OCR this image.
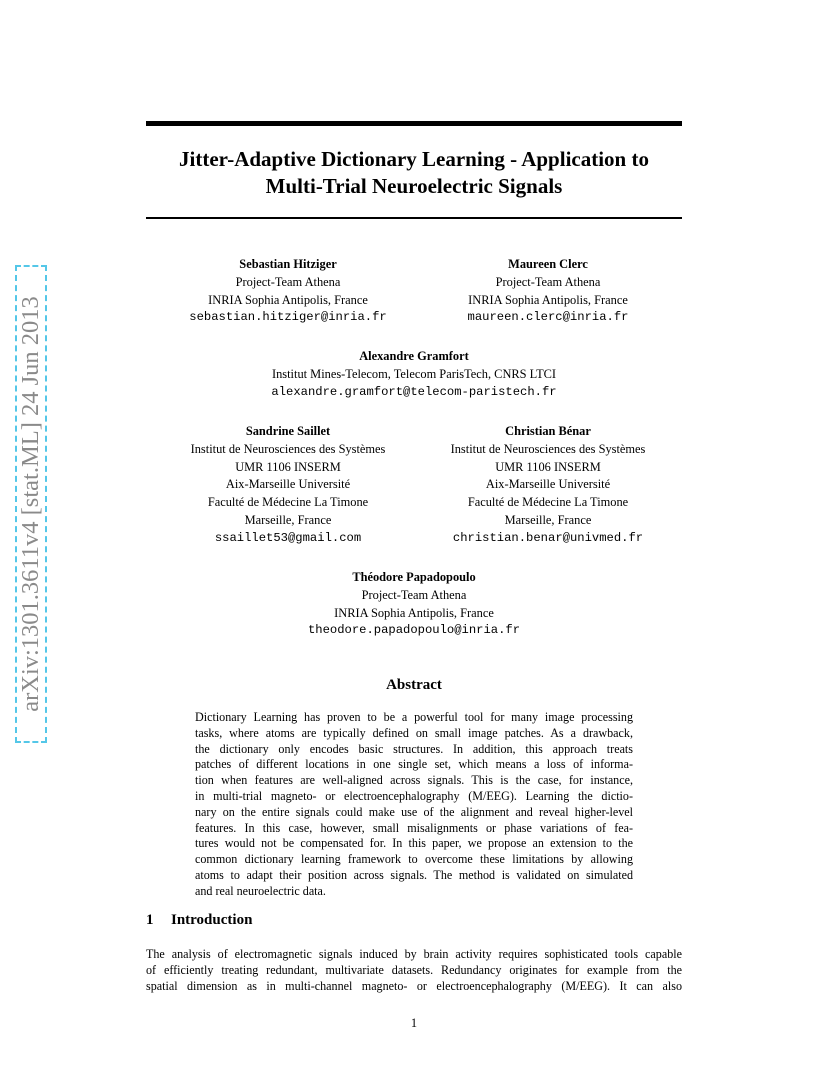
arXiv:1301.3611v4 [stat.ML] 24 Jun 2013
Jitter-Adaptive Dictionary Learning - Application to
Multi-Trial Neuroelectric Signals
Sebastian Hitziger
Project-Team Athena
INRIA Sophia Antipolis, France
sebastian.hitziger@inria.fr
Maureen Clerc
Project-Team Athena
INRIA Sophia Antipolis, France
maureen.clerc@inria.fr
Alexandre Gramfort
Institut Mines-Telecom, Telecom ParisTech, CNRS LTCI
alexandre.gramfort@telecom-paristech.fr
Sandrine Saillet
Institut de Neurosciences des Systèmes
UMR 1106 INSERM
Aix-Marseille Université
Faculté de Médecine La Timone
Marseille, France
ssaillet53@gmail.com
Christian Bénar
Institut de Neurosciences des Systèmes
UMR 1106 INSERM
Aix-Marseille Université
Faculté de Médecine La Timone
Marseille, France
christian.benar@univmed.fr
Théodore Papadopoulo
Project-Team Athena
INRIA Sophia Antipolis, France
theodore.papadopoulo@inria.fr
Abstract
Dictionary Learning has proven to be a powerful tool for many image processing
tasks, where atoms are typically defined on small image patches. As a drawback,
the dictionary only encodes basic structures. In addition, this approach treats
patches of different locations in one single set, which means a loss of informa-
tion when features are well-aligned across signals. This is the case, for instance,
in multi-trial magneto- or electroencephalography (M/EEG). Learning the dictio-
nary on the entire signals could make use of the alignment and reveal higher-level
features. In this case, however, small misalignments or phase variations of fea-
tures would not be compensated for. In this paper, we propose an extension to the
common dictionary learning framework to overcome these limitations by allowing
atoms to adapt their position across signals. The method is validated on simulated
and real neuroelectric data.
1 Introduction
The analysis of electromagnetic signals induced by brain activity requires sophisticated tools capable
of efficiently treating redundant, multivariate datasets. Redundancy originates for example from the
spatial dimension as in multi-channel magneto- or electroencephalography (M/EEG). It can also
1
